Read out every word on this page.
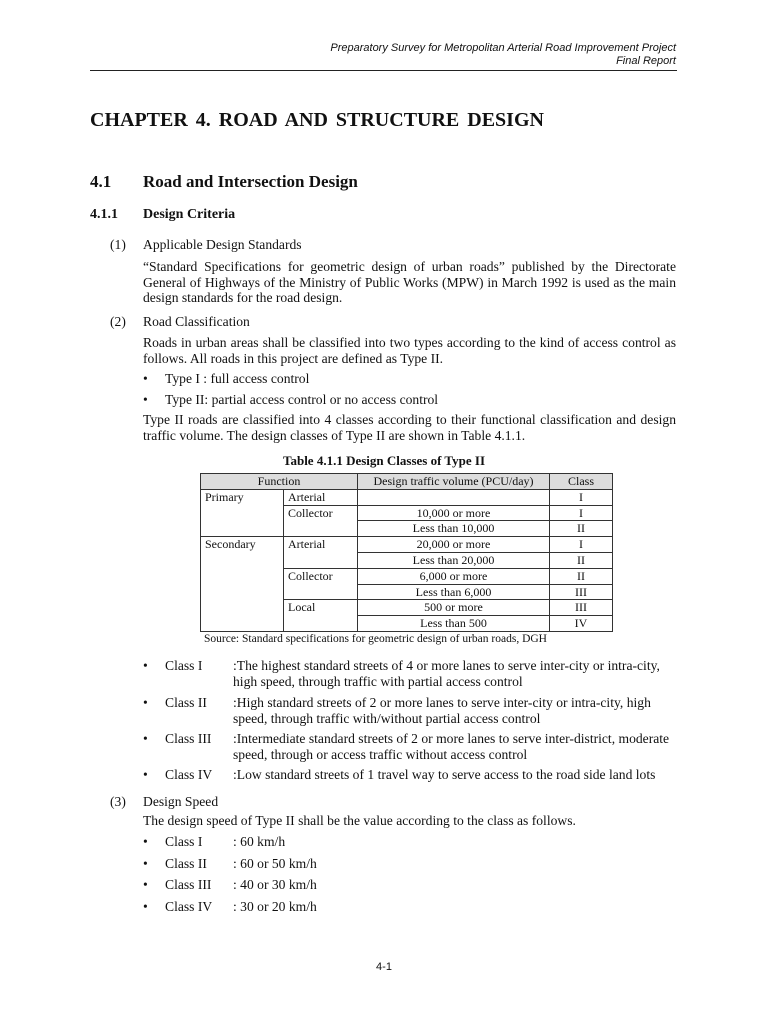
Preparatory Survey for Metropolitan Arterial Road Improvement Project
Final Report
CHAPTER 4. ROAD AND STRUCTURE DESIGN
4.1 Road and Intersection Design
4.1.1 Design Criteria
(1) Applicable Design Standards
“Standard Specifications for geometric design of urban roads” published by the Directorate General of Highways of the Ministry of Public Works (MPW) in March 1992 is used as the main design standards for the road design.
(2) Road Classification
Roads in urban areas shall be classified into two types according to the kind of access control as follows. All roads in this project are defined as Type II.
• Type I : full access control
• Type II: partial access control or no access control
Type II roads are classified into 4 classes according to their functional classification and design traffic volume. The design classes of Type II are shown in Table 4.1.1.
Table 4.1.1 Design Classes of Type II
Function		Design traffic volume (PCU/day)	Class
Primary	Arterial		I
	Collector	10,000 or more	I
		Less than 10,000	II
Secondary	Arterial	20,000 or more	I
		Less than 20,000	II
	Collector	6,000 or more	II
		Less than 6,000	III
	Local	500 or more	III
		Less than 500	IV
Source: Standard specifications for geometric design of urban roads, DGH
• Class I :The highest standard streets of 4 or more lanes to serve inter-city or intra-city, high speed, through traffic with partial access control
• Class II :High standard streets of 2 or more lanes to serve inter-city or intra-city, high speed, through traffic with/without partial access control
• Class III :Intermediate standard streets of 2 or more lanes to serve inter-district, moderate speed, through or access traffic without access control
• Class IV :Low standard streets of 1 travel way to serve access to the road side land lots
(3) Design Speed
The design speed of Type II shall be the value according to the class as follows.
• Class I : 60 km/h
• Class II : 60 or 50 km/h
• Class III : 40 or 30 km/h
• Class IV : 30 or 20 km/h
4-1
